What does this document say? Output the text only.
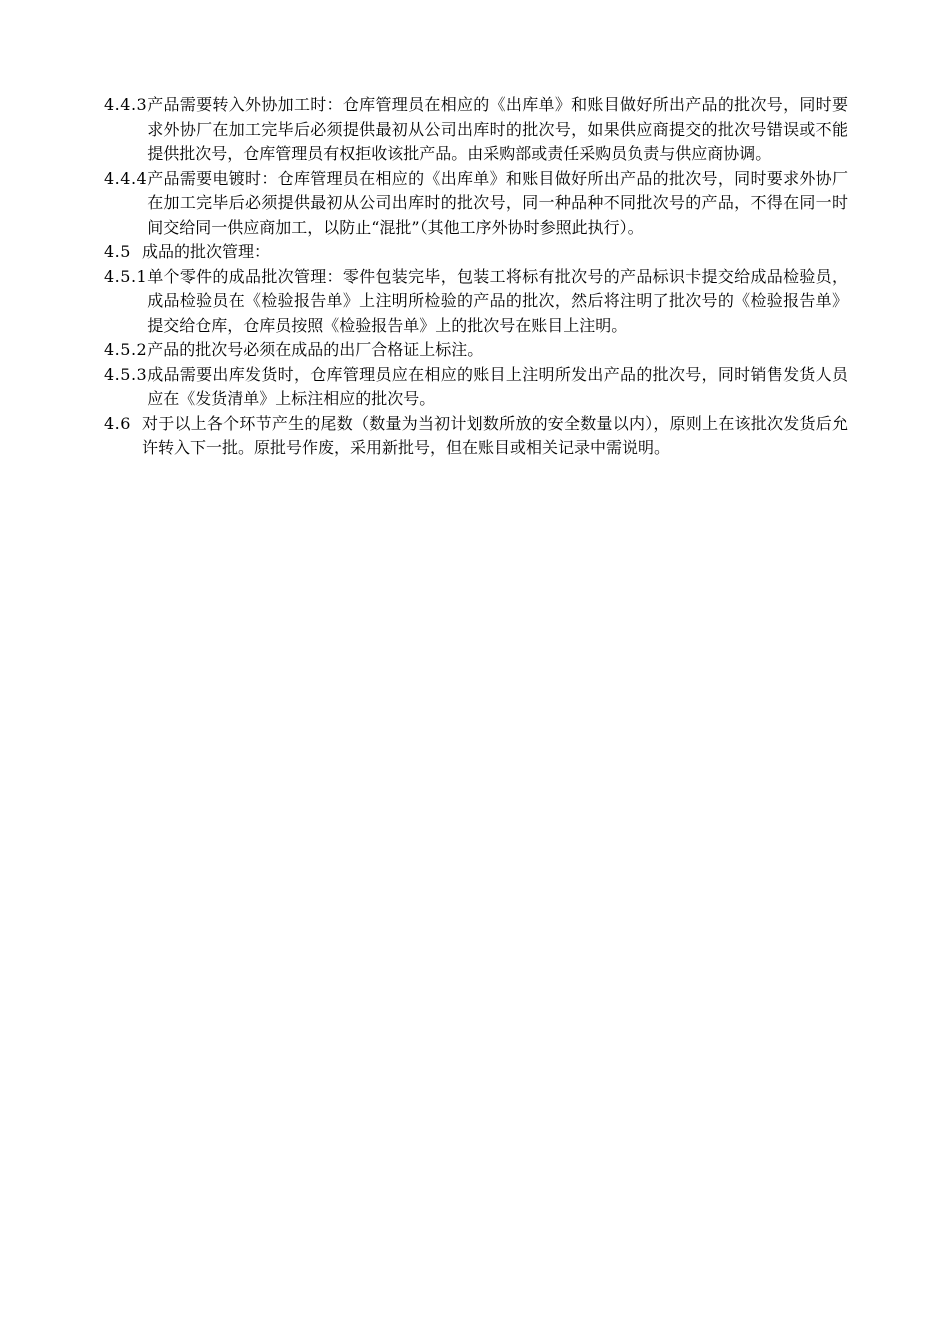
4.4.3 产品需要转入外协加工时：仓库管理员在相应的《出库单》和账目做好所出产品的批次号，同时要求外协厂在加工完毕后必须提供最初从公司出库时的批次号，如果供应商提交的批次号错误或不能提供批次号，仓库管理员有权拒收该批产品。由采购部或责任采购员负责与供应商协调。
4.4.4 产品需要电镀时：仓库管理员在相应的《出库单》和账目做好所出产品的批次号，同时要求外协厂在加工完毕后必须提供最初从公司出库时的批次号，同一种品种不同批次号的产品，不得在同一时间交给同一供应商加工，以防止“混批”（其他工序外协时参照此执行）。
4.5 成品的批次管理：
4.5.1 单个零件的成品批次管理：零件包装完毕，包装工将标有批次号的产品标识卡提交给成品检验员，成品检验员在《检验报告单》上注明所检验的产品的批次，然后将注明了批次号的《检验报告单》提交给仓库，仓库员按照《检验报告单》上的批次号在账目上注明。
4.5.2 产品的批次号必须在成品的出厂合格证上标注。
4.5.3 成品需要出库发货时，仓库管理员应在相应的账目上注明所发出产品的批次号，同时销售发货人员应在《发货清单》上标注相应的批次号。
4.6 对于以上各个环节产生的尾数（数量为当初计划数所放的安全数量以内），原则上在该批次发货后允许转入下一批。原批号作废，采用新批号，但在账目或相关记录中需说明。
